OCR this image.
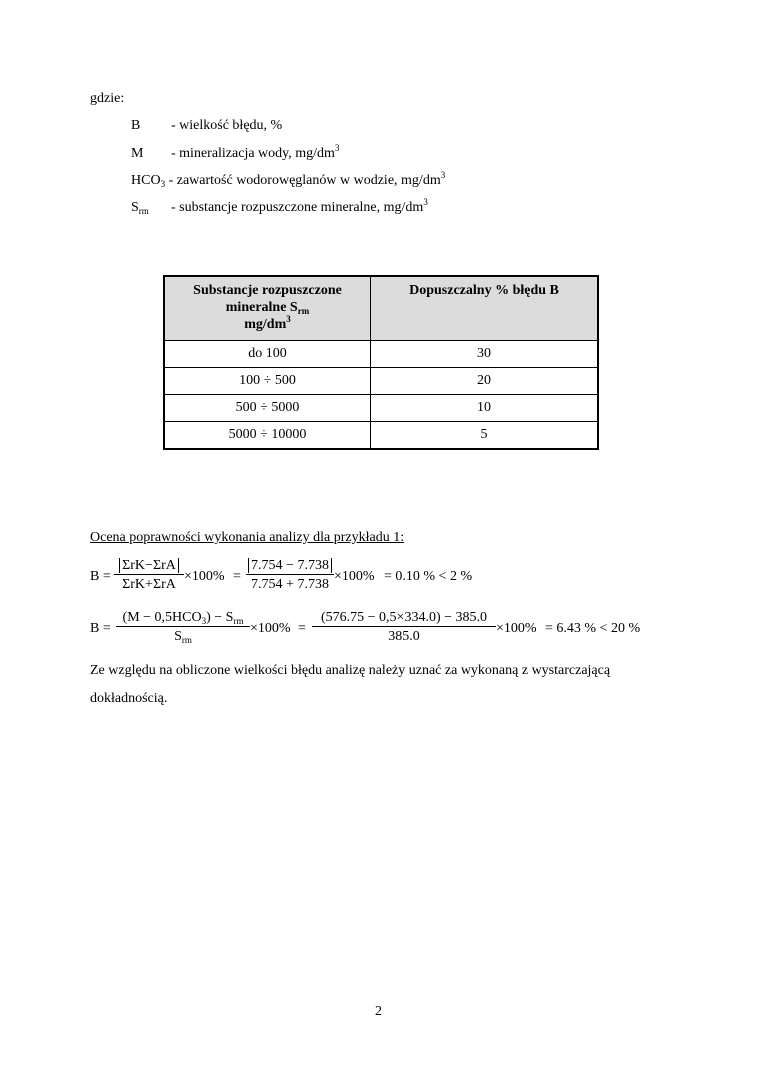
gdzie:
B - wielkość błędu, %
M - mineralizacja wody, $mg/dm^3$
$HCO_3$ - zawartość wodorowęglanów w wodzie, $mg/dm^3$
$S_{rm}$ - substancje rozpuszczone mineralne, $mg/dm^3$
Substancje rozpuszczone
mineralne $S_{rm}$
$mg/dm^3$	Dopuszczalny % błędu B
do 100	30
100 ÷ 500	20
500 ÷ 5000	10
5000 ÷ 10000	5
Ocena poprawności wykonania analizy dla przykładu 1:
B =
ΣrK−ΣrA
ΣrK+ΣrA
$\times 100\% = \frac{7.754 - 7.738}{7.754 + 7.738} \times 100\% = 0.10$ % < 2 %
B =
$(M - 0,5HCO_3) - S_{rm}$
$S_{rm}$
$\times 100\% = \frac{(576.75 - 0,5\times 334.0) - 385.0}{385.0} \times 100\% = 6.43$ % < 20 %
Ze względu na obliczone wielkości błędu analizę należy uznać za wykonaną z wystarczającą
dokładnością.
2
